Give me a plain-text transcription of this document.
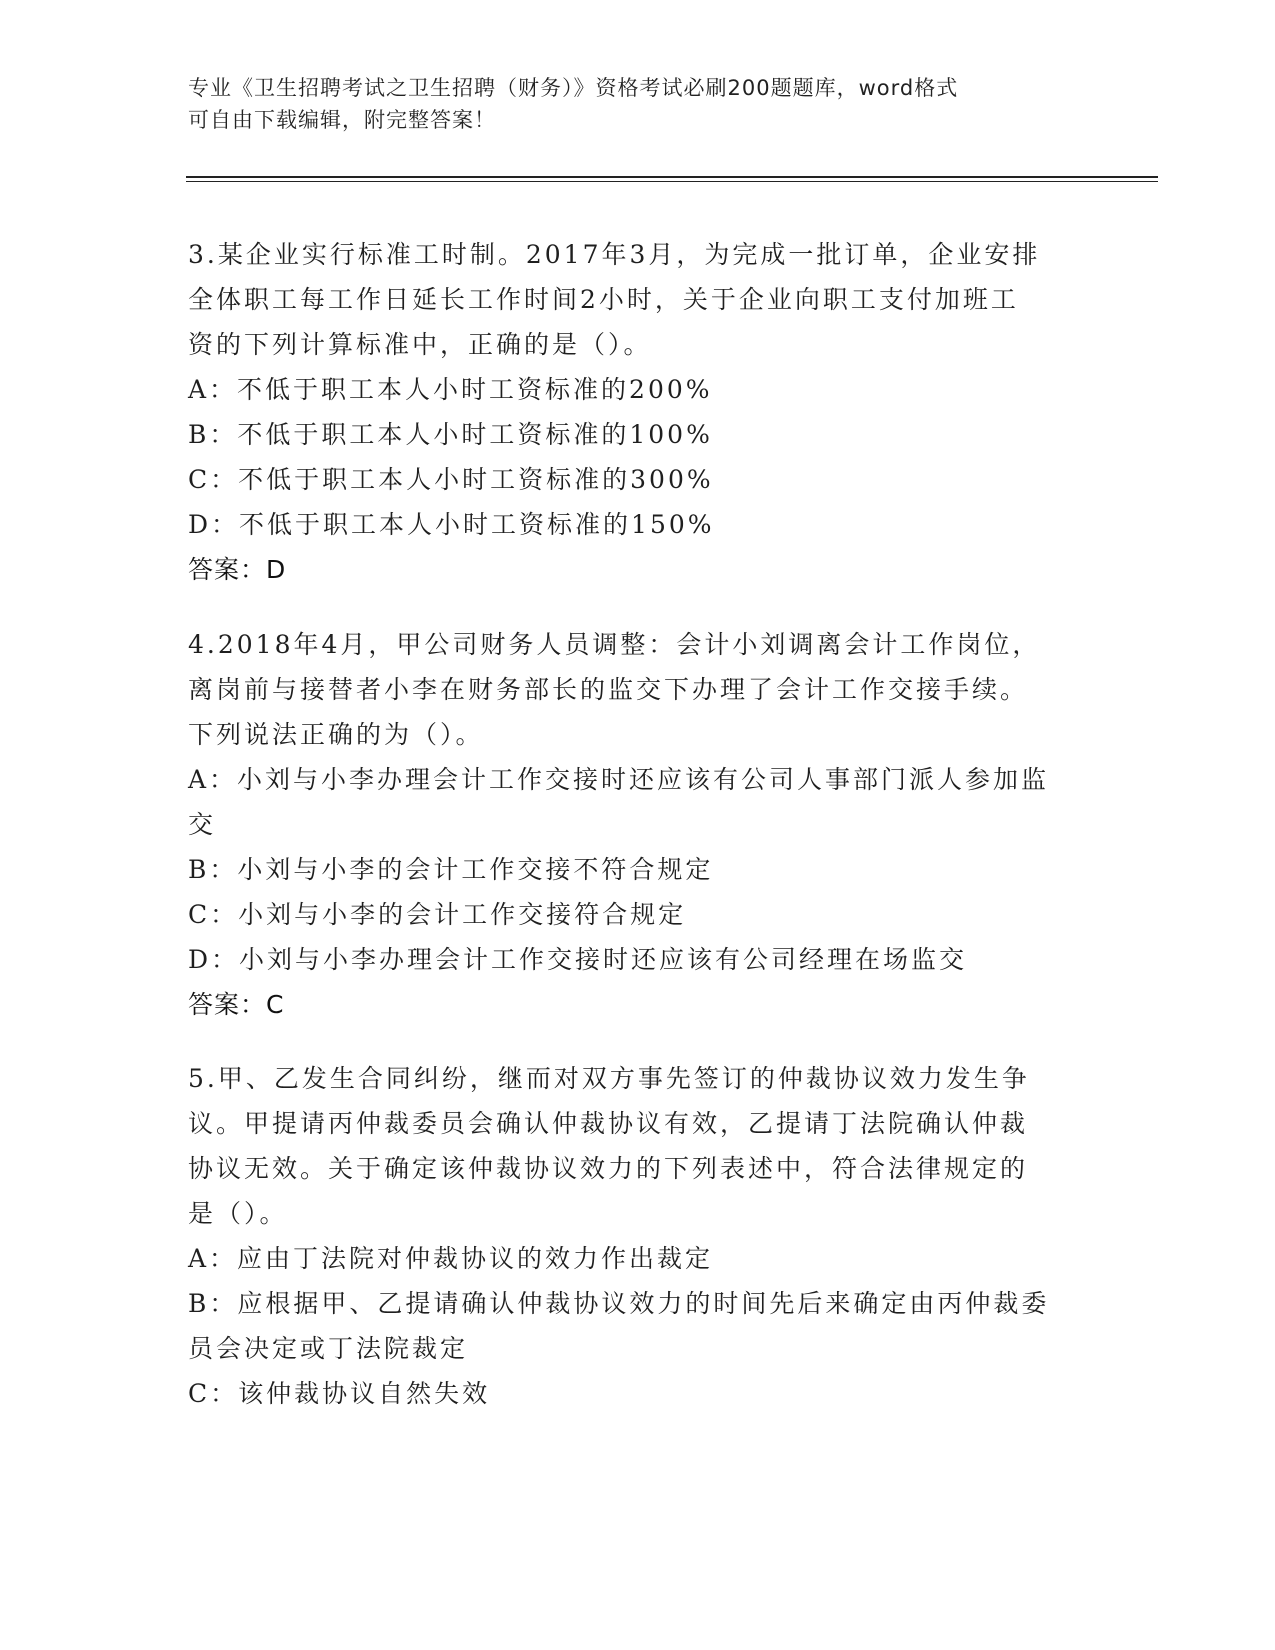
专业《卫生招聘考试之卫生招聘（财务）》资格考试必刷200题题库，word格式
可自由下载编辑，附完整答案！
3.某企业实行标准工时制。2017年3月，为完成一批订单，企业安排
全体职工每工作日延长工作时间2小时，关于企业向职工支付加班工
资的下列计算标准中，正确的是（）。
A：不低于职工本人小时工资标准的200%
B：不低于职工本人小时工资标准的100%
C：不低于职工本人小时工资标准的300%
D：不低于职工本人小时工资标准的150%
答案：D
4.2018年4月，甲公司财务人员调整：会计小刘调离会计工作岗位，
离岗前与接替者小李在财务部长的监交下办理了会计工作交接手续。
下列说法正确的为（）。
A：小刘与小李办理会计工作交接时还应该有公司人事部门派人参加监
交
B：小刘与小李的会计工作交接不符合规定
C：小刘与小李的会计工作交接符合规定
D：小刘与小李办理会计工作交接时还应该有公司经理在场监交
答案：C
5.甲、乙发生合同纠纷，继而对双方事先签订的仲裁协议效力发生争
议。甲提请丙仲裁委员会确认仲裁协议有效，乙提请丁法院确认仲裁
协议无效。关于确定该仲裁协议效力的下列表述中，符合法律规定的
是（）。
A：应由丁法院对仲裁协议的效力作出裁定
B：应根据甲、乙提请确认仲裁协议效力的时间先后来确定由丙仲裁委
员会决定或丁法院裁定
C：该仲裁协议自然失效
